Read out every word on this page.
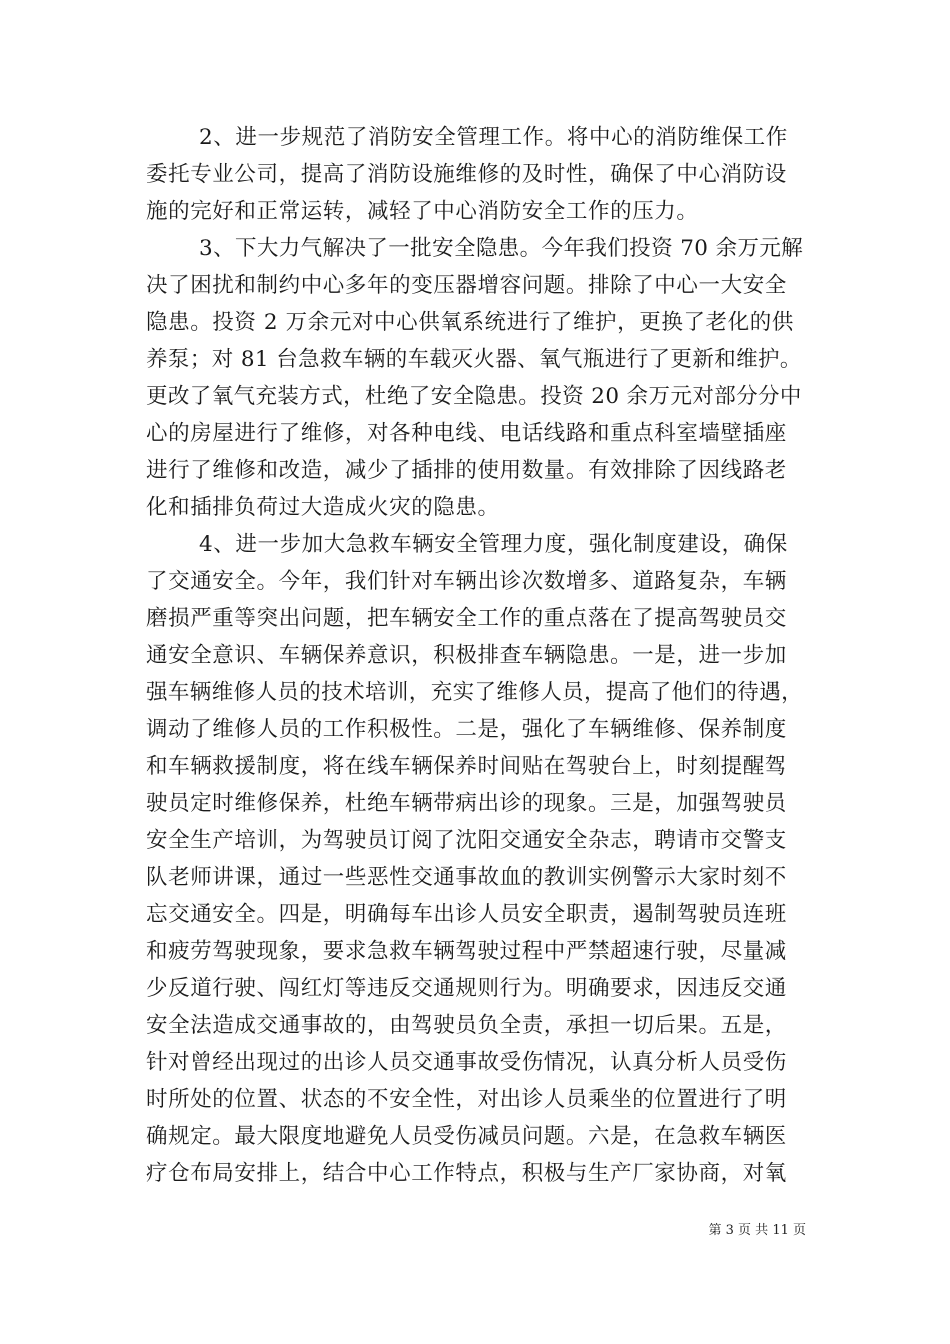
2、进一步规范了消防安全管理工作。将中心的消防维保工作
委托专业公司，提高了消防设施维修的及时性，确保了中心消防设
施的完好和正常运转，减轻了中心消防安全工作的压力。
3、下大力气解决了一批安全隐患。今年我们投资 70 余万元解
决了困扰和制约中心多年的变压器增容问题。排除了中心一大安全
隐患。投资 2 万余元对中心供氧系统进行了维护，更换了老化的供
养泵；对 81 台急救车辆的车载灭火器、氧气瓶进行了更新和维护。
更改了氧气充装方式，杜绝了安全隐患。投资 20 余万元对部分分中
心的房屋进行了维修，对各种电线、电话线路和重点科室墙壁插座
进行了维修和改造，减少了插排的使用数量。有效排除了因线路老
化和插排负荷过大造成火灾的隐患。
4、进一步加大急救车辆安全管理力度，强化制度建设，确保
了交通安全。今年，我们针对车辆出诊次数增多、道路复杂，车辆
磨损严重等突出问题，把车辆安全工作的重点落在了提高驾驶员交
通安全意识、车辆保养意识，积极排查车辆隐患。一是，进一步加
强车辆维修人员的技术培训，充实了维修人员，提高了他们的待遇，
调动了维修人员的工作积极性。二是，强化了车辆维修、保养制度
和车辆救援制度，将在线车辆保养时间贴在驾驶台上，时刻提醒驾
驶员定时维修保养，杜绝车辆带病出诊的现象。三是，加强驾驶员
安全生产培训，为驾驶员订阅了沈阳交通安全杂志，聘请市交警支
队老师讲课，通过一些恶性交通事故血的教训实例警示大家时刻不
忘交通安全。四是，明确每车出诊人员安全职责，遏制驾驶员连班
和疲劳驾驶现象，要求急救车辆驾驶过程中严禁超速行驶，尽量减
少反道行驶、闯红灯等违反交通规则行为。明确要求，因违反交通
安全法造成交通事故的，由驾驶员负全责，承担一切后果。五是，
针对曾经出现过的出诊人员交通事故受伤情况，认真分析人员受伤
时所处的位置、状态的不安全性，对出诊人员乘坐的位置进行了明
确规定。最大限度地避免人员受伤减员问题。六是，在急救车辆医
疗仓布局安排上，结合中心工作特点，积极与生产厂家协商，对氧
第 3 页 共 11 页
